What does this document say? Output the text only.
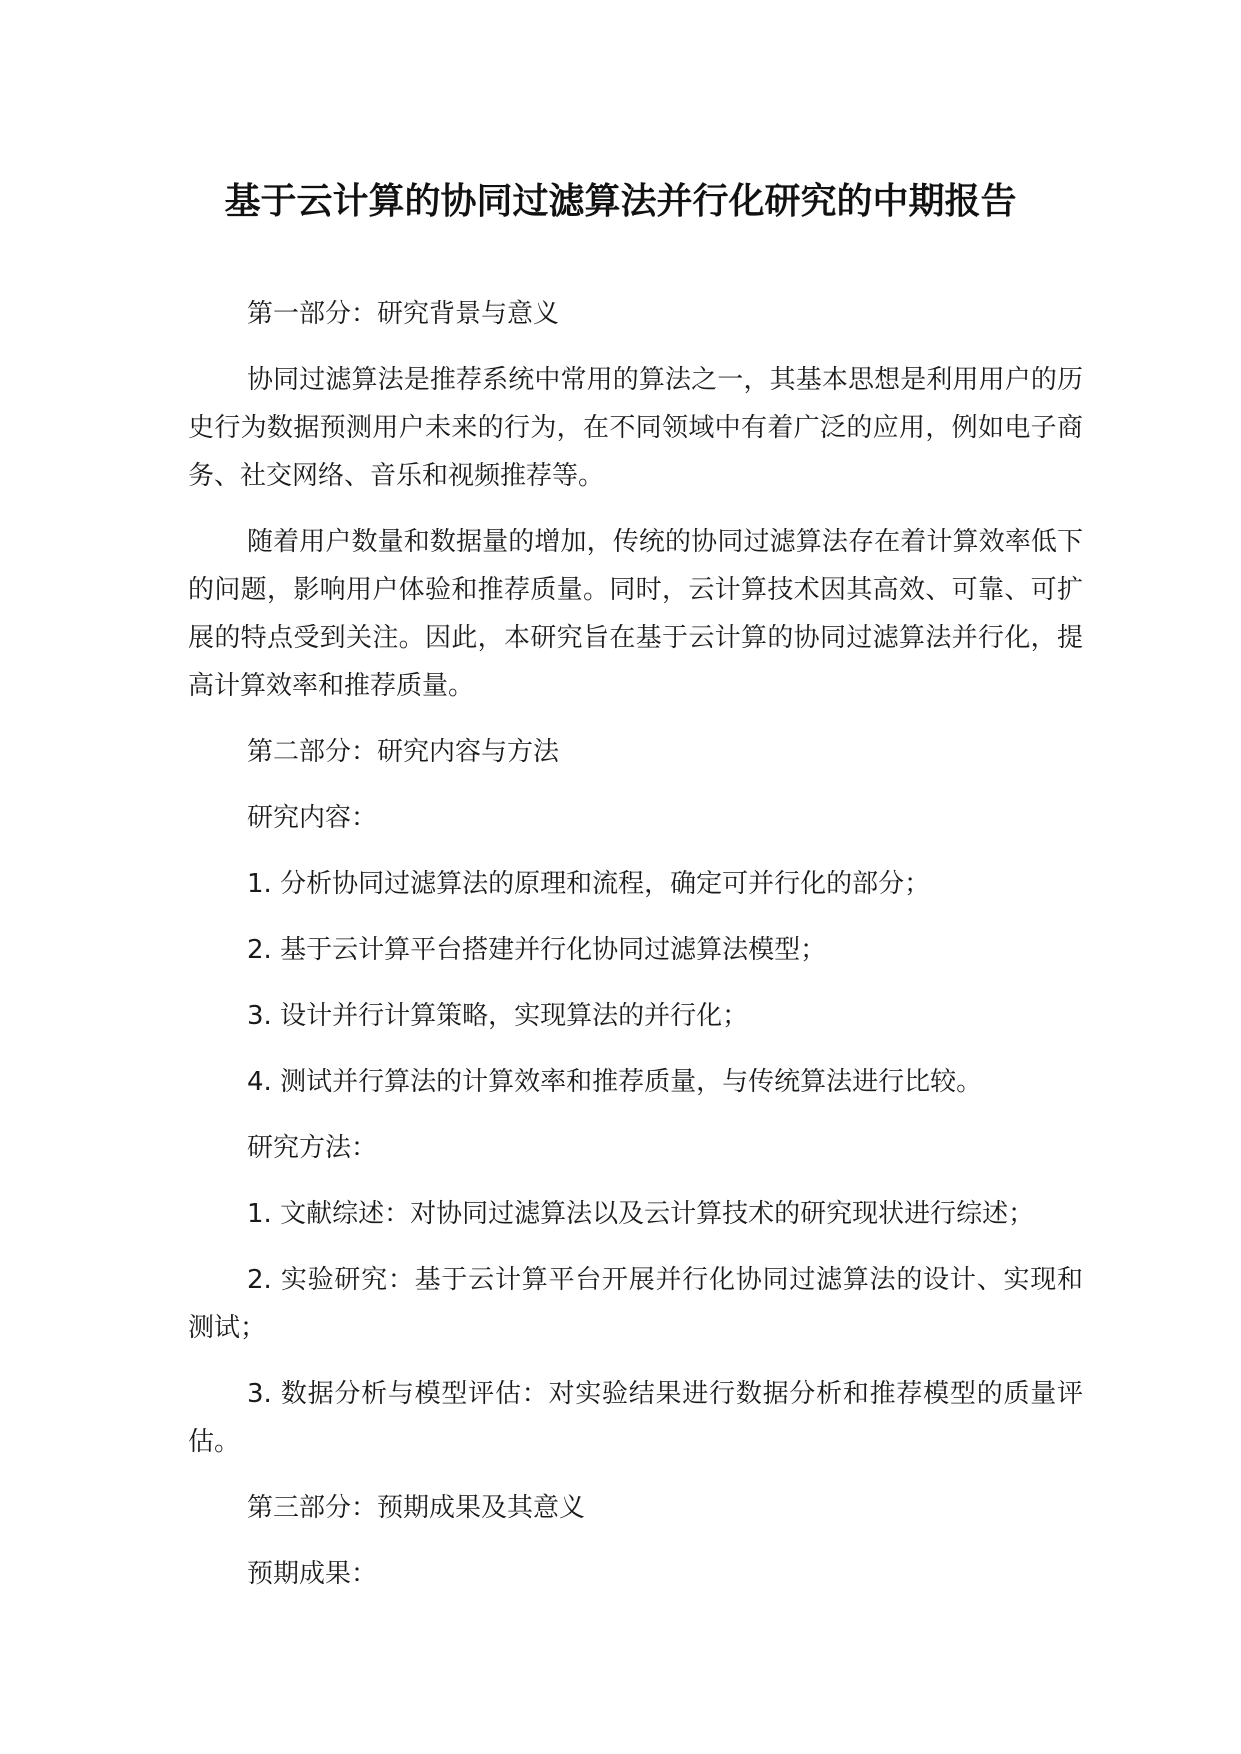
基于云计算的协同过滤算法并行化研究的中期报告

第一部分：研究背景与意义

协同过滤算法是推荐系统中常用的算法之一，其基本思想是利用用户的历史行为数据预测用户未来的行为，在不同领域中有着广泛的应用，例如电子商务、社交网络、音乐和视频推荐等。

随着用户数量和数据量的增加，传统的协同过滤算法存在着计算效率低下的问题，影响用户体验和推荐质量。同时，云计算技术因其高效、可靠、可扩展的特点受到关注。因此，本研究旨在基于云计算的协同过滤算法并行化，提高计算效率和推荐质量。

第二部分：研究内容与方法

研究内容：

1. 分析协同过滤算法的原理和流程，确定可并行化的部分；

2. 基于云计算平台搭建并行化协同过滤算法模型；

3. 设计并行计算策略，实现算法的并行化；

4. 测试并行算法的计算效率和推荐质量，与传统算法进行比较。

研究方法：

1. 文献综述：对协同过滤算法以及云计算技术的研究现状进行综述；

2. 实验研究：基于云计算平台开展并行化协同过滤算法的设计、实现和测试；

3. 数据分析与模型评估：对实验结果进行数据分析和推荐模型的质量评估。

第三部分：预期成果及其意义

预期成果：
